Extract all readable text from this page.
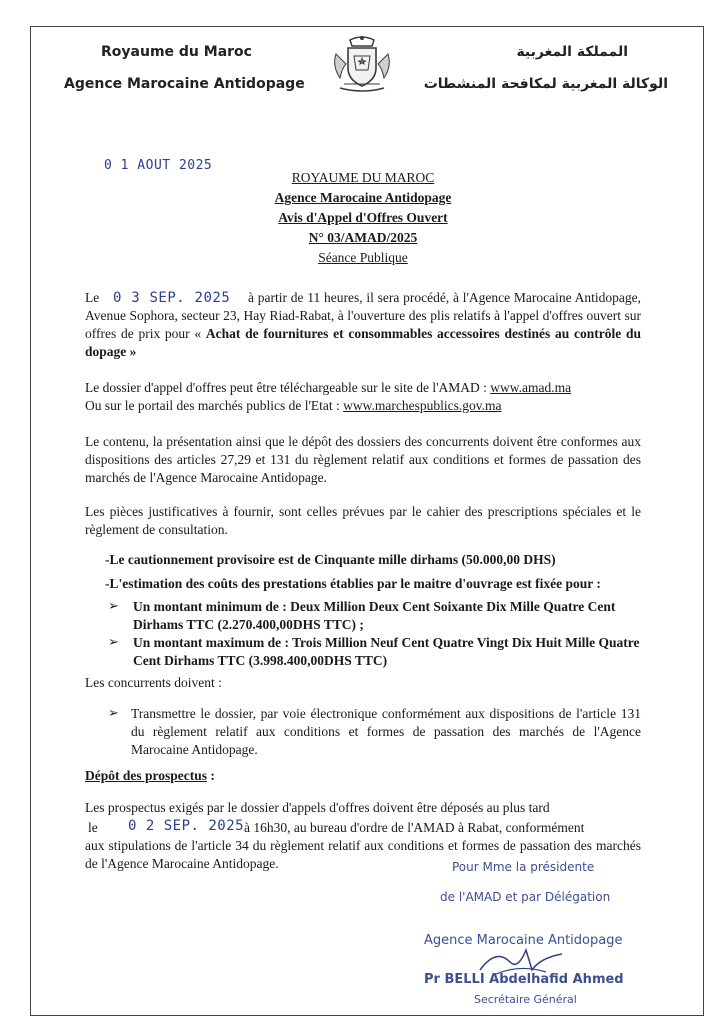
Royaume du Maroc
Agence Marocaine Antidopage
المملكة المغربية
الوكالة المغربية لمكافحة المنشطات
0 1 AOUT 2025
ROYAUME DU MAROC
Agence Marocaine Antidopage
Avis d'Appel d'Offres Ouvert
N° 03/AMAD/2025
Séance Publique
Le 0 3 SEP. 2025 à partir de 11 heures, il sera procédé, à l'Agence Marocaine Antidopage, Avenue Sophora, secteur 23, Hay Riad-Rabat, à l'ouverture des plis relatifs à l'appel d'offres ouvert sur offres de prix pour « Achat de fournitures et consommables accessoires destinés au contrôle du dopage »
Le dossier d'appel d'offres peut être téléchargeable sur le site de l'AMAD : www.amad.ma
Ou sur le portail des marchés publics de l'Etat : www.marchespublics.gov.ma
Le contenu, la présentation ainsi que le dépôt des dossiers des concurrents doivent être conformes aux dispositions des articles 27,29 et 131 du règlement relatif aux conditions et formes de passation des marchés de l'Agence Marocaine Antidopage.
Les pièces justificatives à fournir, sont celles prévues par le cahier des prescriptions spéciales et le règlement de consultation.
-Le cautionnement provisoire est de Cinquante mille dirhams (50.000,00 DHS)
-L'estimation des coûts des prestations établies par le maitre d'ouvrage est fixée pour :
➢ Un montant minimum de : Deux Million Deux Cent Soixante Dix Mille Quatre Cent Dirhams TTC (2.270.400,00DHS TTC) ;
➢ Un montant maximum de : Trois Million Neuf Cent Quatre Vingt Dix Huit Mille Quatre Cent Dirhams TTC (3.998.400,00DHS TTC)
Les concurrents doivent :
➢ Transmettre le dossier, par voie électronique conformément aux dispositions de l'article 131 du règlement relatif aux conditions et formes de passation des marchés de l'Agence Marocaine Antidopage.
Dépôt des prospectus :
Les prospectus exigés par le dossier d'appels d'offres doivent être déposés au plus tard
le	0 2 SEP. 2025 à 16h30, au bureau d'ordre de l'AMAD à Rabat, conformément
aux stipulations de l'article 34 du règlement relatif aux conditions et formes de passation des marchés de l'Agence Marocaine Antidopage.	Pour Mme la présidente
de l'AMAD et par Délégation
Agence Marocaine Antidopage
Pr BELLI Abdelhafid Ahmed
Secrétaire Général
